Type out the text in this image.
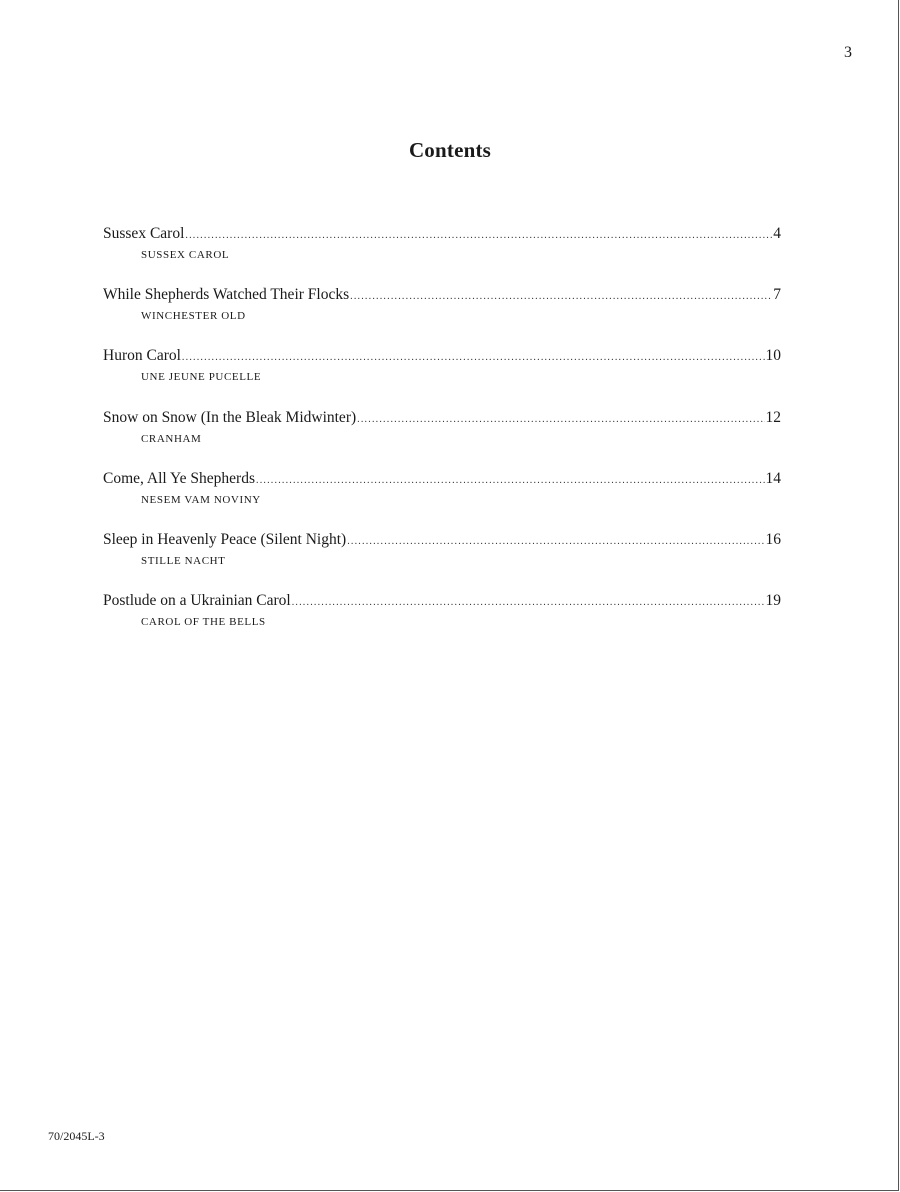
3
Contents
Sussex Carol .....	4
SUSSEX CAROL
While Shepherds Watched Their Flocks .....	7
WINCHESTER OLD
Huron Carol .....	10
UNE JEUNE PUCELLE
Snow on Snow (In the Bleak Midwinter) .....	12
CRANHAM
Come, All Ye Shepherds .....	14
NESEM VAM NOVINY
Sleep in Heavenly Peace (Silent Night) .....	16
STILLE NACHT
Postlude on a Ukrainian Carol .....	19
CAROL OF THE BELLS
70/2045L-3
